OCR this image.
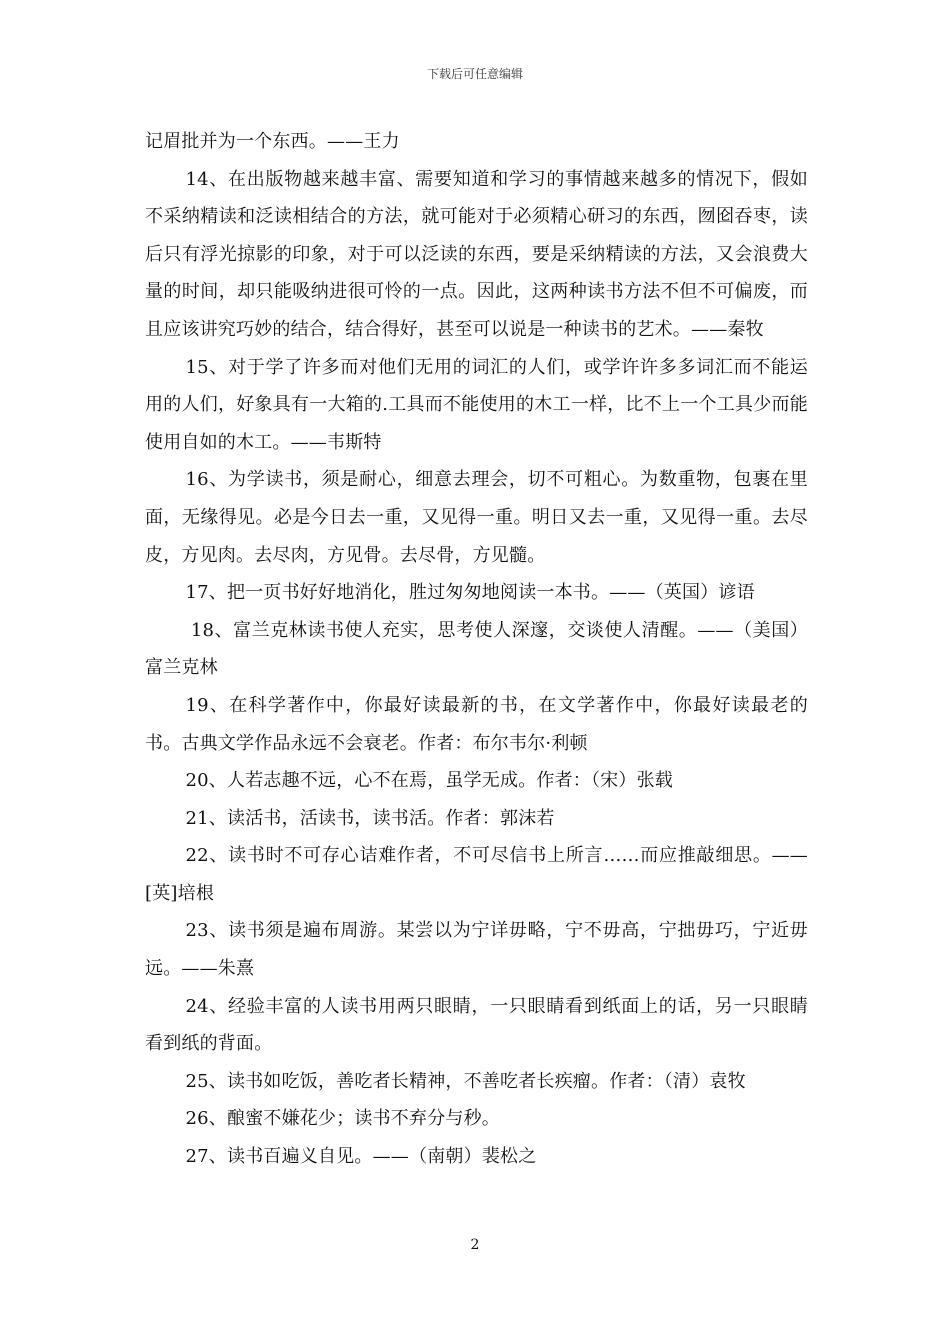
下载后可任意编辑

记眉批并为一个东西。——王力

14、在出版物越来越丰富、需要知道和学习的事情越来越多的情况下，假如不采纳精读和泛读相结合的方法，就可能对于必须精心研习的东西，囫囵吞枣，读后只有浮光掠影的印象，对于可以泛读的东西，要是采纳精读的方法，又会浪费大量的时间，却只能吸纳进很可怜的一点。因此，这两种读书方法不但不可偏废，而且应该讲究巧妙的结合，结合得好，甚至可以说是一种读书的艺术。——秦牧

15、对于学了许多而对他们无用的词汇的人们，或学许许多多词汇而不能运用的人们，好象具有一大箱的.工具而不能使用的木工一样，比不上一个工具少而能使用自如的木工。——韦斯特

16、为学读书，须是耐心，细意去理会，切不可粗心。为数重物，包裹在里面，无缘得见。必是今日去一重，又见得一重。明日又去一重，又见得一重。去尽皮，方见肉。去尽肉，方见骨。去尽骨，方见髓。

17、把一页书好好地消化，胜过匆匆地阅读一本书。——（英国）谚语

18、富兰克林读书使人充实，思考使人深邃，交谈使人清醒。——（美国）富兰克林

19、在科学著作中，你最好读最新的书，在文学著作中，你最好读最老的书。古典文学作品永远不会衰老。作者：布尔韦尔·利顿

20、人若志趣不远，心不在焉，虽学无成。作者：（宋）张载

21、读活书，活读书，读书活。作者：郭沫若

22、读书时不可存心诘难作者，不可尽信书上所言……而应推敲细思。——[英]培根

23、读书须是遍布周游。某尝以为宁详毋略，宁不毋高，宁拙毋巧，宁近毋远。——朱熹

24、经验丰富的人读书用两只眼睛，一只眼睛看到纸面上的话，另一只眼睛看到纸的背面。

25、读书如吃饭，善吃者长精神，不善吃者长疾瘤。作者：（清）袁牧

26、酿蜜不嫌花少；读书不弃分与秒。

27、读书百遍义自见。——（南朝）裴松之

2
